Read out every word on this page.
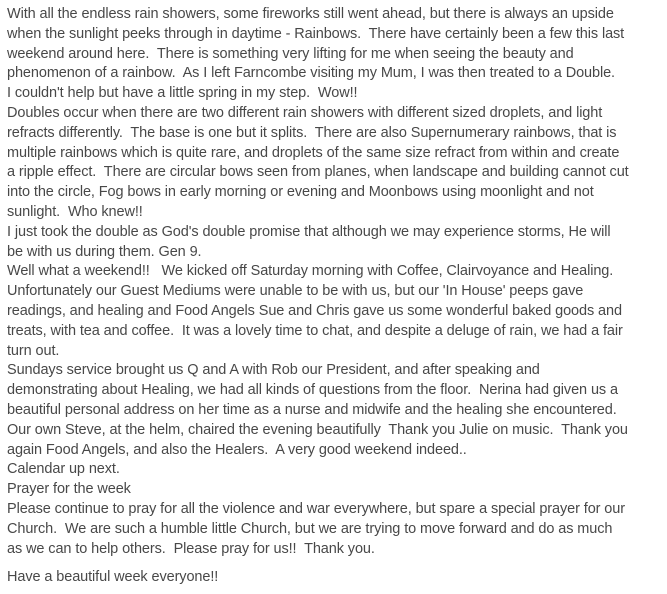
With all the endless rain showers, some fireworks still went ahead, but there is always an upside
when the sunlight peeks through in daytime - Rainbows.  There have certainly been a few this last
weekend around here.  There is something very lifting for me when seeing the beauty and
phenomenon of a rainbow.  As I left Farncombe visiting my Mum, I was then treated to a Double.
I couldn't help but have a little spring in my step.  Wow!!
Doubles occur when there are two different rain showers with different sized droplets, and light
refracts differently.  The base is one but it splits.  There are also Supernumerary rainbows, that is
multiple rainbows which is quite rare, and droplets of the same size refract from within and create
a ripple effect.  There are circular bows seen from planes, when landscape and building cannot cut
into the circle, Fog bows in early morning or evening and Moonbows using moonlight and not
sunlight.  Who knew!!
I just took the double as God's double promise that although we may experience storms, He will
be with us during them. Gen 9.
Well what a weekend!!   We kicked off Saturday morning with Coffee, Clairvoyance and Healing.
Unfortunately our Guest Mediums were unable to be with us, but our 'In House' peeps gave
readings, and healing and Food Angels Sue and Chris gave us some wonderful baked goods and
treats, with tea and coffee.  It was a lovely time to chat, and despite a deluge of rain, we had a fair
turn out.
Sundays service brought us Q and A with Rob our President, and after speaking and
demonstrating about Healing, we had all kinds of questions from the floor.  Nerina had given us a
beautiful personal address on her time as a nurse and midwife and the healing she encountered.
Our own Steve, at the helm, chaired the evening beautifully  Thank you Julie on music.  Thank you
again Food Angels, and also the Healers.  A very good weekend indeed..
Calendar up next.
Prayer for the week
Please continue to pray for all the violence and war everywhere, but spare a special prayer for our
Church.  We are such a humble little Church, but we are trying to move forward and do as much
as we can to help others.  Please pray for us!!  Thank you.
Have a beautiful week everyone!!
